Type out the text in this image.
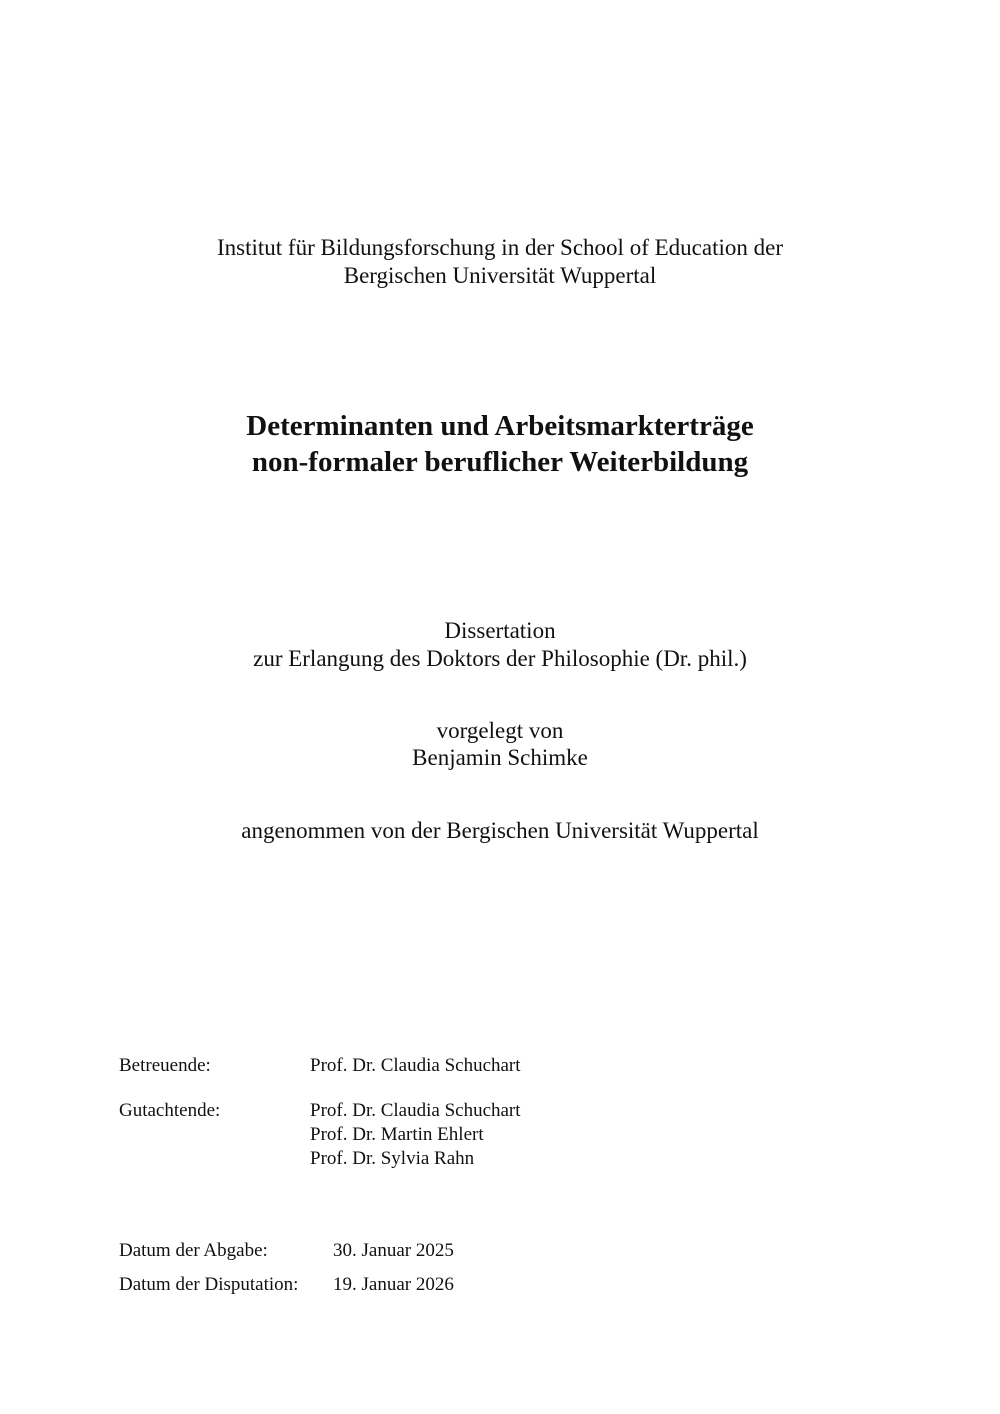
Institut für Bildungsforschung in der School of Education der
Bergischen Universität Wuppertal
Determinanten und Arbeitsmarkterträge
non-formaler beruflicher Weiterbildung
Dissertation
zur Erlangung des Doktors der Philosophie (Dr. phil.)
vorgelegt von
Benjamin Schimke
angenommen von der Bergischen Universität Wuppertal
Betreuende:	Prof. Dr. Claudia Schuchart
Gutachtende:	Prof. Dr. Claudia Schuchart
Prof. Dr. Martin Ehlert
Prof. Dr. Sylvia Rahn
Datum der Abgabe:	30. Januar 2025
Datum der Disputation: 19. Januar 2026
